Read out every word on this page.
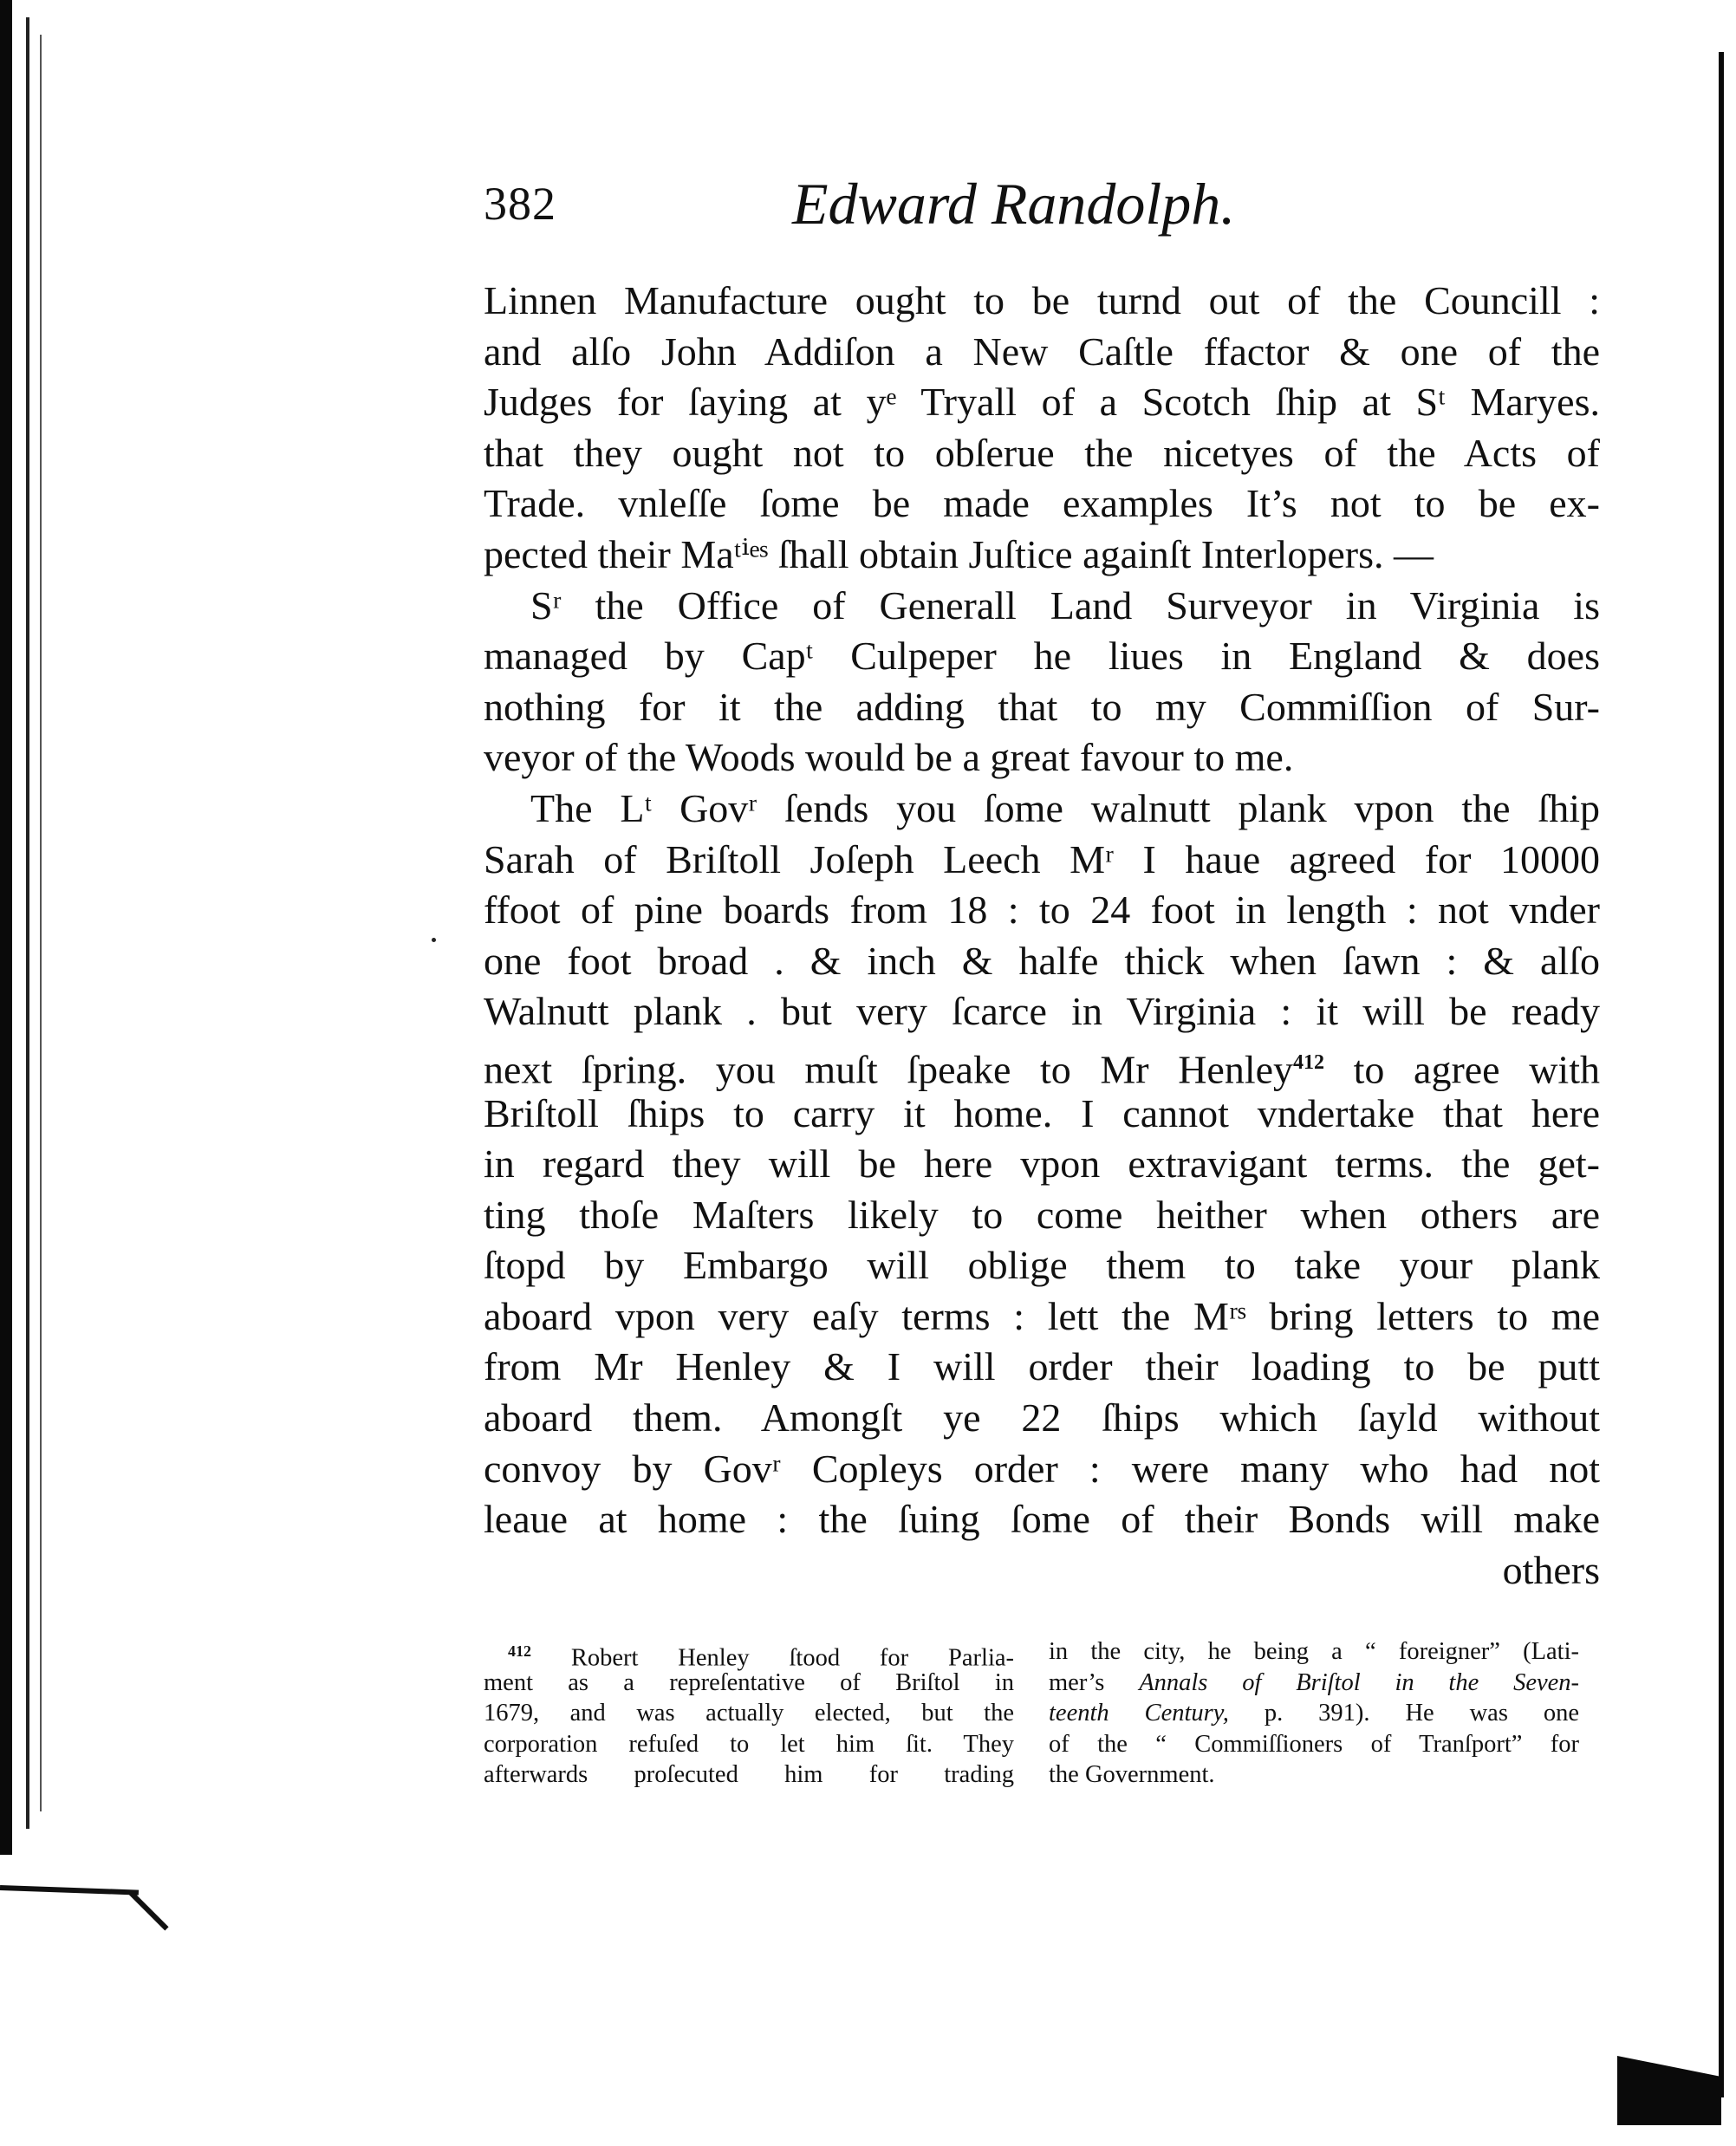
382	Edward Randolph.
Linnen Manufacture ought to be turnd out of the Councill :
and alſo John Addiſon a New Caſtle ffactor & one of the
Judges for ſaying at yᵉ Tryall of a Scotch ſhip at Sᵗ Maryes.
that they ought not to obſerue the nicetyes of the Acts of
Trade. vnleſſe ſome be made examples It’s not to be ex-
pected their Maᵗⁱᵉˢ ſhall obtain Juſtice againſt Interlopers. —
Sʳ the Office of Generall Land Surveyor in Virginia is
managed by Capᵗ Culpeper he liues in England & does
nothing for it the adding that to my Commiſſion of Sur-
veyor of the Woods would be a great favour to me.
The Lᵗ Govʳ ſends you ſome walnutt plank vpon the ſhip
Sarah of Briſtoll Joſeph Leech Mʳ I haue agreed for 10000
ffoot of pine boards from 18 : to 24 foot in length : not vnder
one foot broad . & inch & halfe thick when ſawn : & alſo
Walnutt plank . but very ſcarce in Virginia : it will be ready
next ſpring. you muſt ſpeake to Mr Henley$^{412}$ to agree with
Briſtoll ſhips to carry it home. I cannot vndertake that here
in regard they will be here vpon extravigant terms. the get-
ting thoſe Maſters likely to come heither when others are
ſtopd by Embargo will oblige them to take your plank
aboard vpon very eaſy terms : lett the Mʳˢ bring letters to me
from Mr Henley & I will order their loading to be putt
aboard them. Amongſt ye 22 ſhips which ſayld without
convoy by Govʳ Copleys order : were many who had not
leaue at home : the ſuing ſome of their Bonds will make
others
$^{412}$ Robert Henley ſtood for Parlia-
ment as a repreſentative of Briſtol in
1679, and was actually elected, but the
corporation refuſed to let him ſit. They
afterwards proſecuted him for trading
in the city, he being a “ foreigner” (Lati-
mer’s Annals of Briſtol in the Seven-
teenth Century, p. 391). He was one
of the “ Commiſſioners of Tranſport” for
the Government.
